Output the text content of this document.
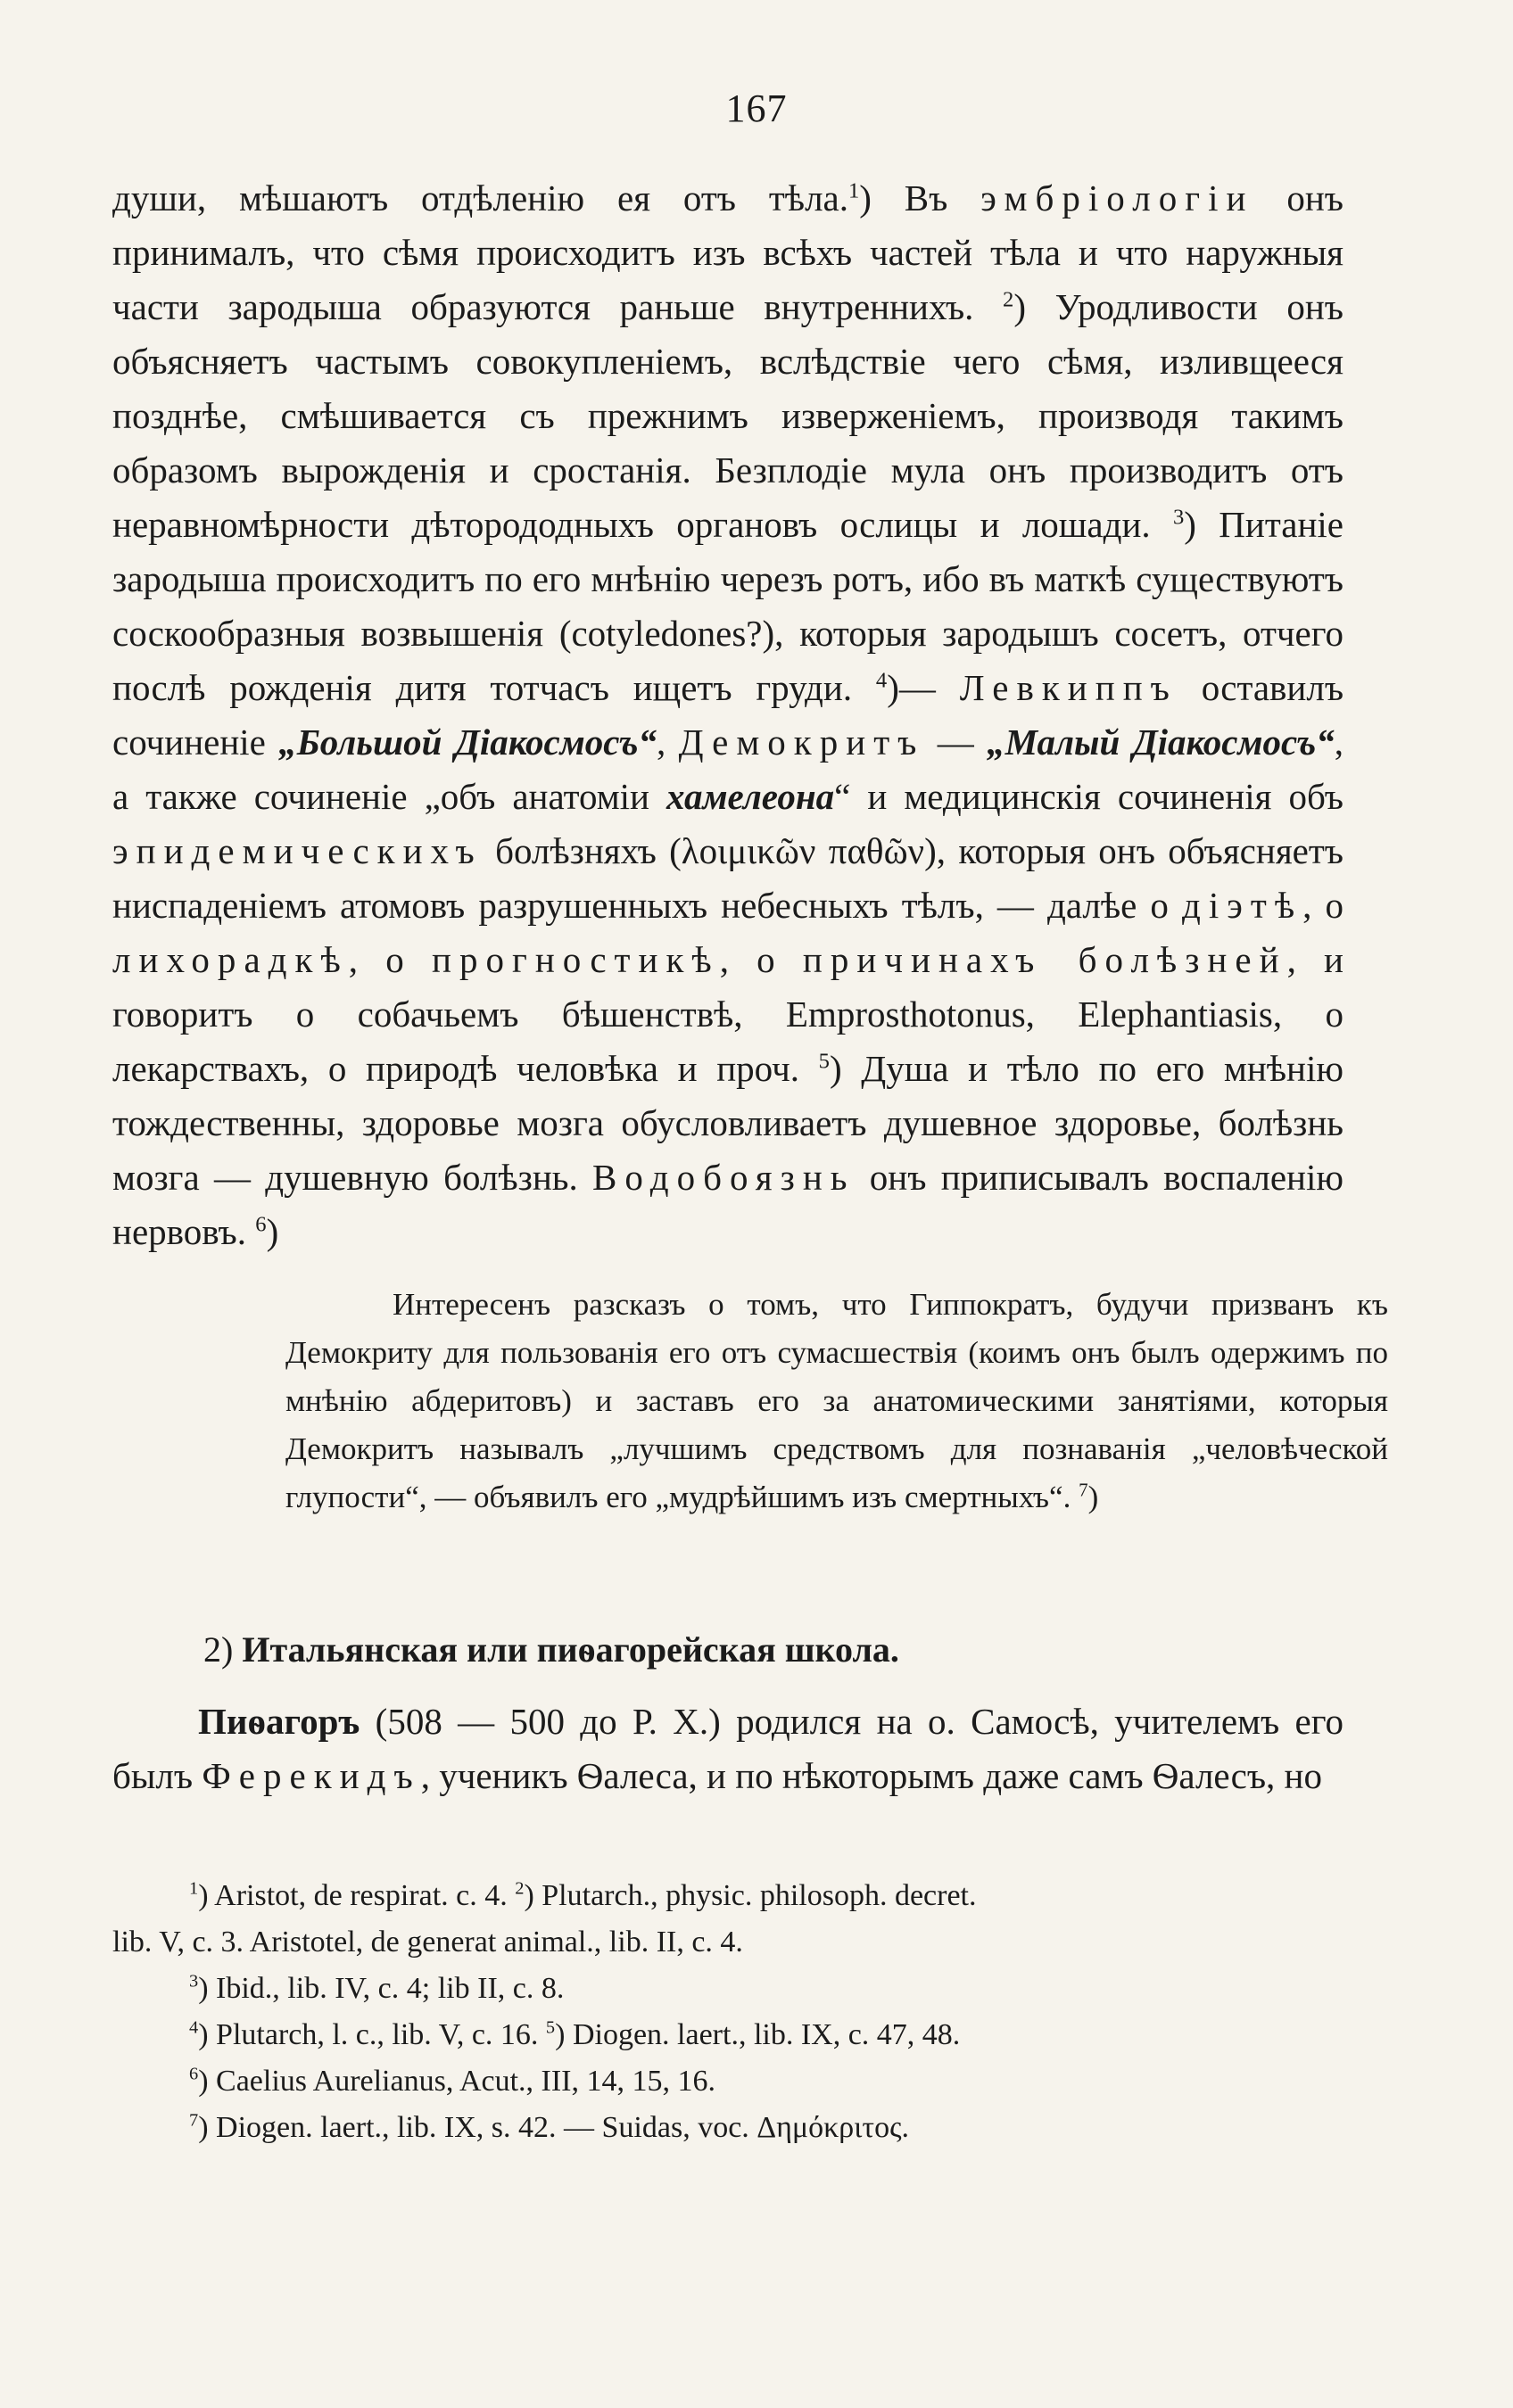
167

души, мѣшаютъ отдѣленію ея отъ тѣла.$^1$) Въ эмбріологіи онъ принималъ, что сѣмя происходитъ изъ всѣхъ частей тѣла и что наружныя части зародыша образуются раньше внутреннихъ. $^2$) Уродливости онъ объясняетъ частымъ совокупленіемъ, вслѣдствіе чего сѣмя, изливщееся позднѣе, смѣшивается съ прежнимъ изверженіемъ, производя такимъ образомъ вырожденія и сростанія. Безплодіе мула онъ производитъ отъ неравномѣрности дѣторододныхъ органовъ ослицы и лошади. $^3$) Питаніе зародыша происходитъ по его мнѣнію черезъ ротъ, ибо въ маткѣ существуютъ соскообразныя возвышенія (cotyledones?), которыя зародышъ сосетъ, отчего послѣ рожденія дитя тотчасъ ищетъ груди. $^4$)— Левкиппъ оставилъ сочиненіе „Большой Діакосмосъ“, Демокритъ — „Малый Діакосмосъ“, а также сочиненіе „объ анатоміи хамелеона“ и медицинскія сочиненія объ эпидемическихъ болѣзняхъ (λοιμικῶν παθῶν), которыя онъ объясняетъ ниспаденіемъ атомовъ разрушенныхъ небесныхъ тѣлъ, — далѣе о діэтѣ, о лихорадкѣ, о прогностикѣ, о причинахъ болѣзней, и говоритъ о собачьемъ бѣшенствѣ, Emprosthotonus, Elephantiasis, о лекарствахъ, о природѣ человѣка и проч. $^5$) Душа и тѣло по его мнѣнію тождественны, здоровье мозга обусловливаетъ душевное здоровье, болѣзнь мозга — душевную болѣзнь. Водобоязнь онъ приписывалъ воспаленію нервовъ. $^6$)

Интересенъ разсказъ о томъ, что Гиппократъ, будучи призванъ къ Демокриту для пользованія его отъ сумасшествія (коимъ онъ былъ одержимъ по мнѣнію абдеритовъ) и заставъ его за анатомическими занятіями, которыя Демокритъ называлъ „лучшимъ средствомъ для познаванія „человѣческой глупости“, — объявилъ его „мудрѣйшимъ изъ смертныхъ“. $^7$)

2) Итальянская или пиѳагорейская школа.

Пиѳагоръ (508 — 500 до Р. Х.) родился на о. Самосѣ, учителемъ его былъ Ферекидъ, ученикъ Ѳалеса, и по нѣкоторымъ даже самъ Ѳалесъ, но

$^1$) Aristot, de respirat. c. 4. $^2$) Plutarch., physic. philosoph. decret.

lib. V, c. 3. Aristotel, de generat animal., lib. II, c. 4.

$^3$) Ibid., lib. IV, c. 4; lib II, c. 8.

$^4$) Plutarch, l. c., lib. V, c. 16. $^5$) Diogen. laert., lib. IX, c. 47, 48.

$^6$) Caelius Aurelianus, Acut., III, 14, 15, 16.

$^7$) Diogen. laert., lib. IX, s. 42. — Suidas, voc. Δημόκριτος.
